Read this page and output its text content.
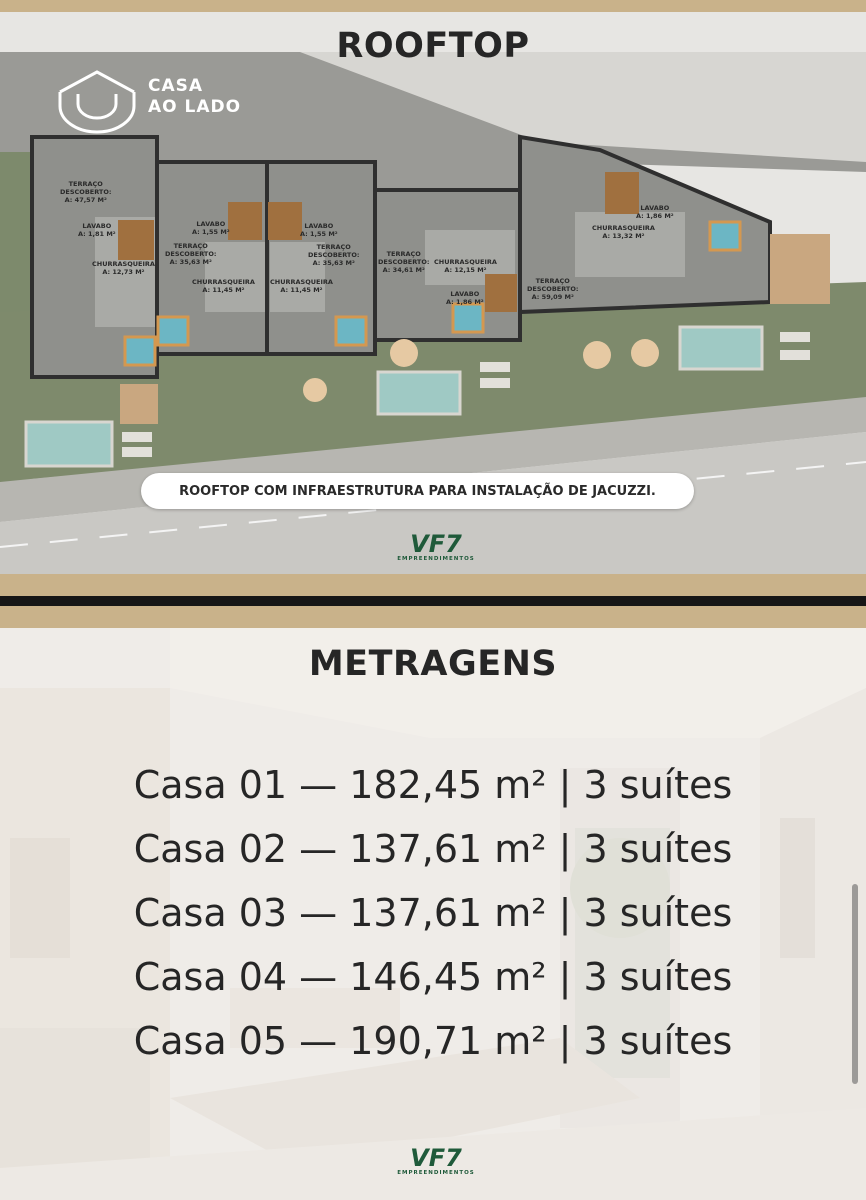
ROOFTOP
CASA
AO LADO
TERRAÇO
DESCOBERTO:
A: 47,57 M²
LAVABO
A: 1,81 M²
CHURRASQUEIRA
A: 12,73 M²
LAVABO
A: 1,55 M²
TERRAÇO
DESCOBERTO:
A: 35,63 M²
CHURRASQUEIRA
A: 11,45 M²
LAVABO
A: 1,55 M²
TERRAÇO
DESCOBERTO:
A: 35,63 M²
CHURRASQUEIRA
A: 11,45 M²
TERRAÇO
DESCOBERTO:
A: 34,61 M²
CHURRASQUEIRA
A: 12,15 M²
LAVABO
A: 1,86 M²
LAVABO
A: 1,86 M²
CHURRASQUEIRA
A: 13,32 M²
TERRAÇO
DESCOBERTO:
A: 59,09 M²
ROOFTOP COM INFRAESTRUTURA PARA INSTALAÇÃO DE JACUZZI.
VF7
EMPREENDIMENTOS
METRAGENS
Casa 01 — 182,45 m² | 3 suítes
Casa 02 — 137,61 m² | 3 suítes
Casa 03 — 137,61 m² | 3 suítes
Casa 04 — 146,45 m² | 3 suítes
Casa 05 — 190,71 m² | 3 suítes
VF7
EMPREENDIMENTOS
